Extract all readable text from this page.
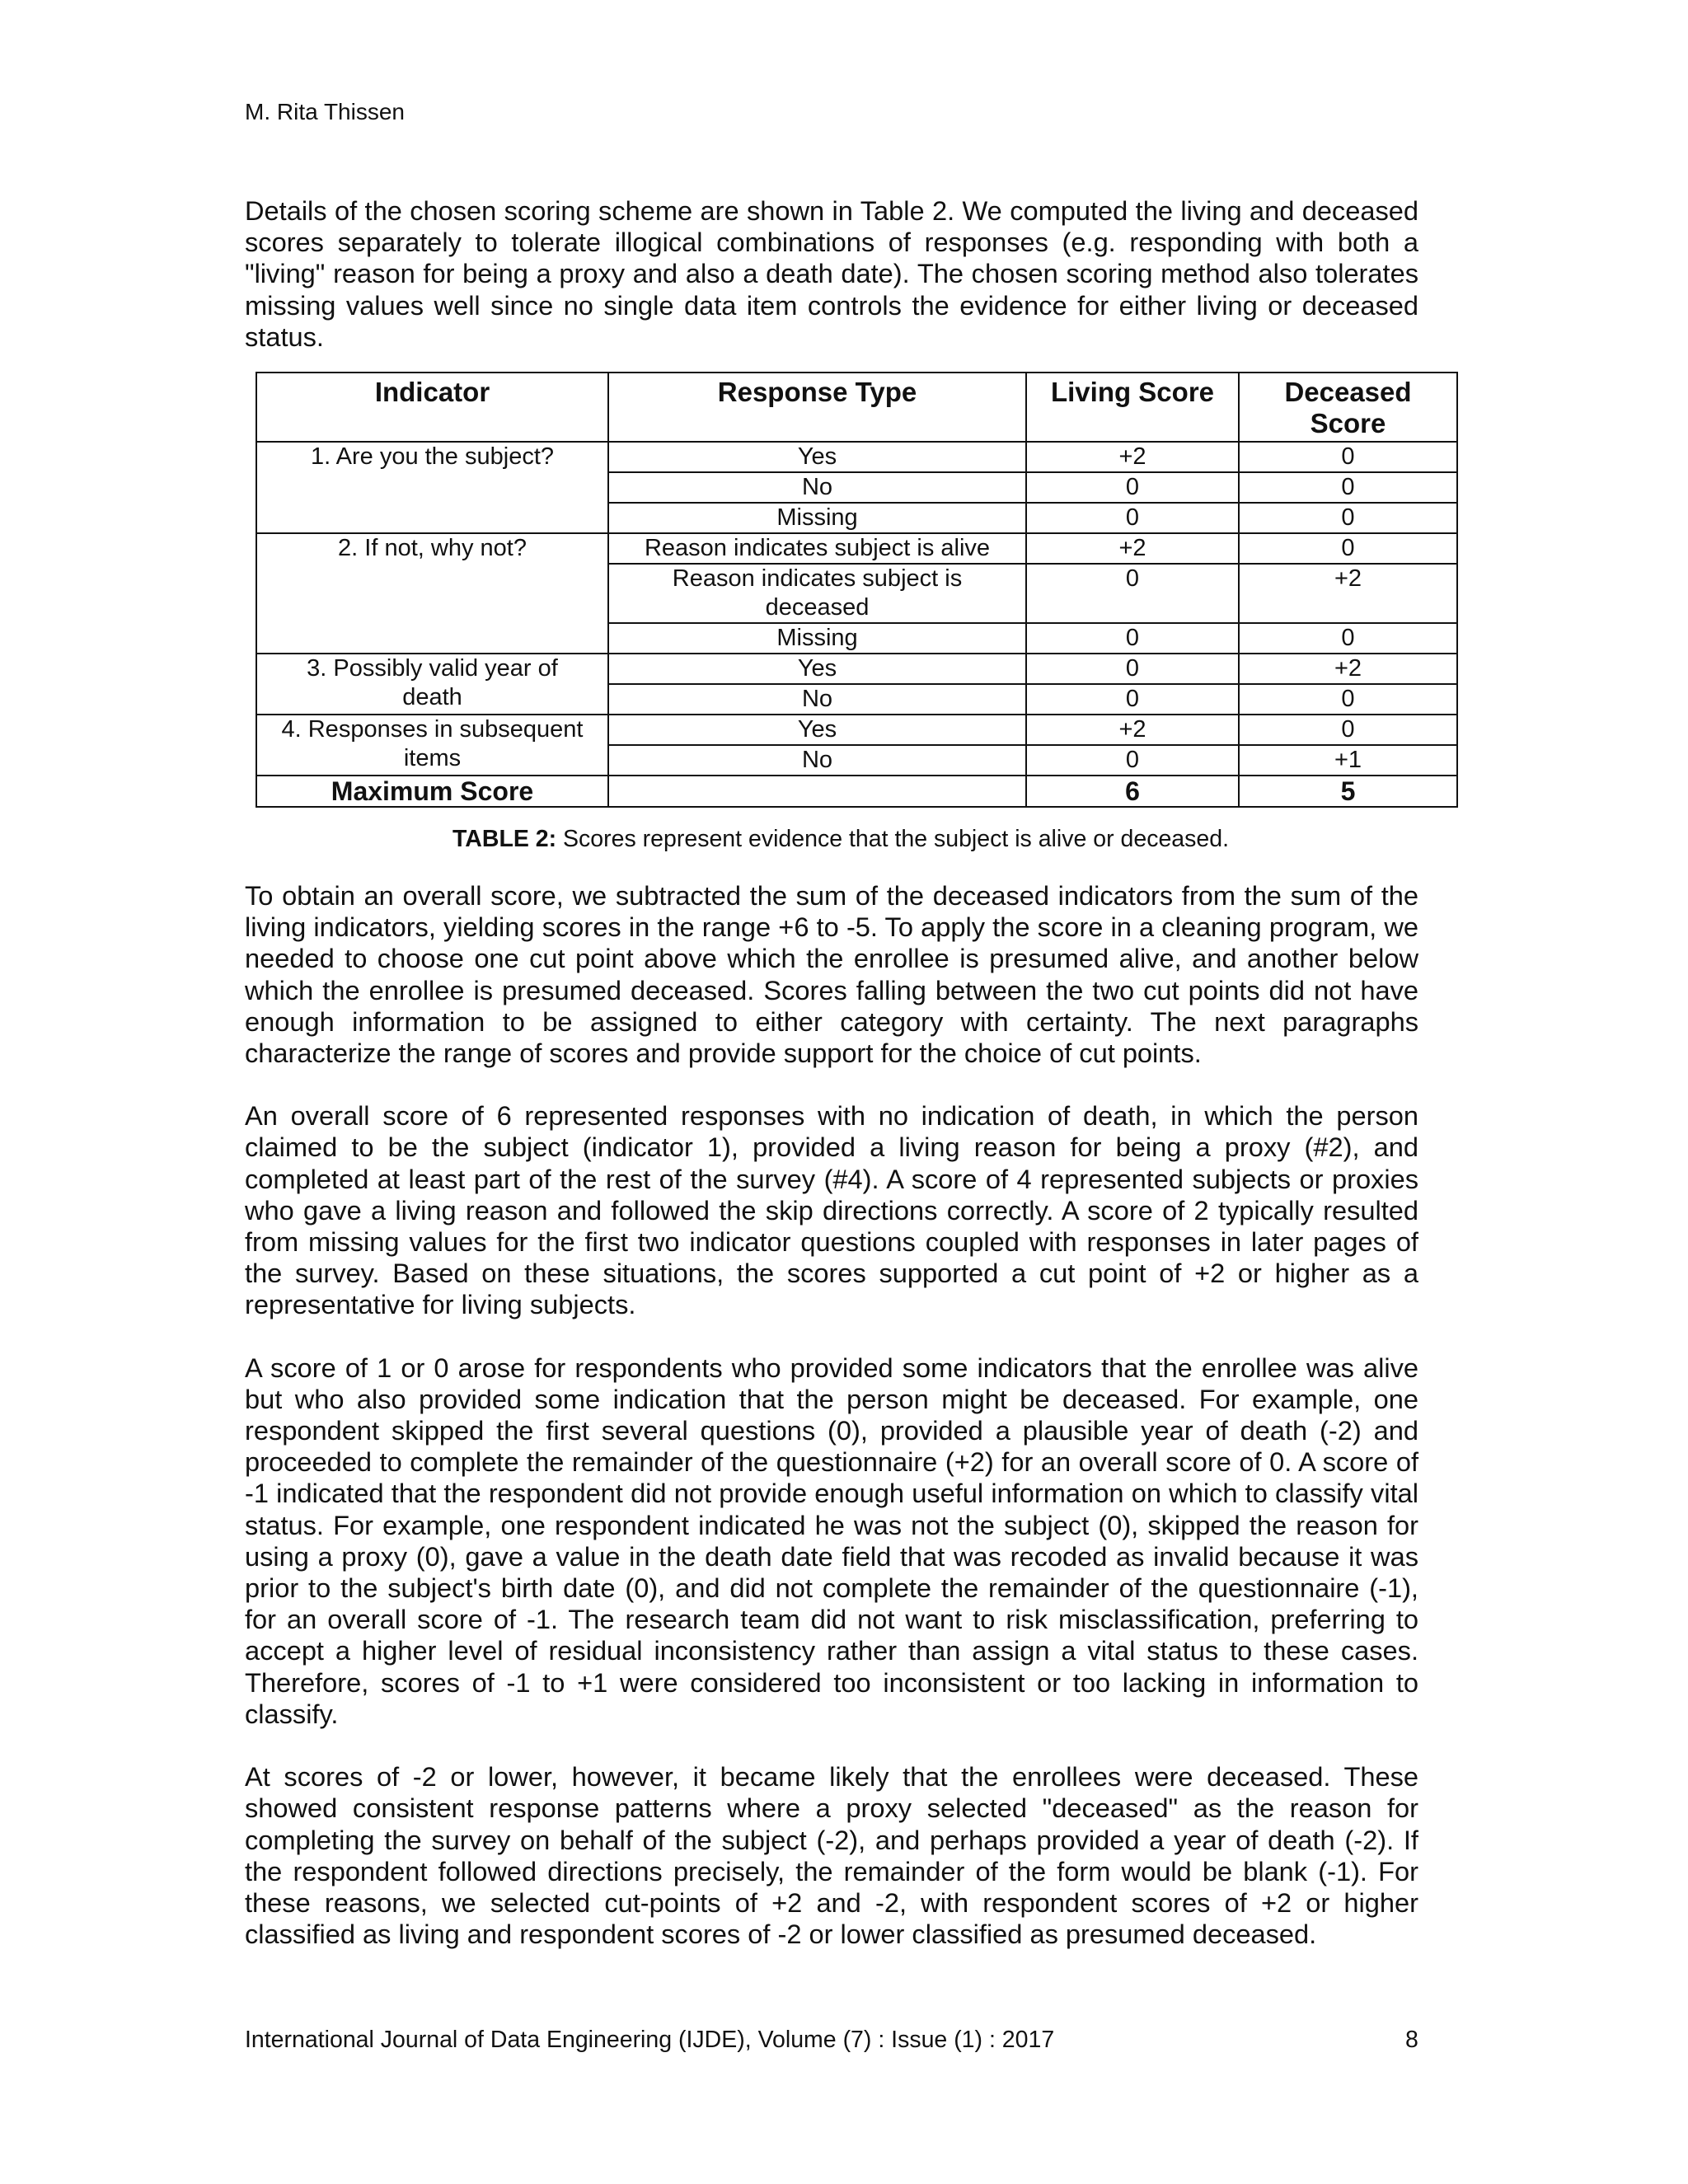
M. Rita Thissen

Details of the chosen scoring scheme are shown in Table 2. We computed the living and deceased scores separately to tolerate illogical combinations of responses (e.g. responding with both a "living" reason for being a proxy and also a death date). The chosen scoring method also tolerates missing values well since no single data item controls the evidence for either living or deceased status.

Indicator	Response Type	Living Score	Deceased Score
1. Are you the subject?	Yes	+2	0
	No	0	0
	Missing	0	0
2. If not, why not?	Reason indicates subject is alive	+2	0
	Reason indicates subject is deceased	0	+2
	Missing	0	0
3. Possibly valid year of death	Yes	0	+2
	No	0	0
4. Responses in subsequent items	Yes	+2	0
	No	0	+1
Maximum Score		6	5
TABLE 2: Scores represent evidence that the subject is alive or deceased.

To obtain an overall score, we subtracted the sum of the deceased indicators from the sum of the living indicators, yielding scores in the range +6 to -5. To apply the score in a cleaning program, we needed to choose one cut point above which the enrollee is presumed alive, and another below which the enrollee is presumed deceased. Scores falling between the two cut points did not have enough information to be assigned to either category with certainty. The next paragraphs characterize the range of scores and provide support for the choice of cut points.

An overall score of 6 represented responses with no indication of death, in which the person claimed to be the subject (indicator 1), provided a living reason for being a proxy (#2), and completed at least part of the rest of the survey (#4). A score of 4 represented subjects or proxies who gave a living reason and followed the skip directions correctly. A score of 2 typically resulted from missing values for the first two indicator questions coupled with responses in later pages of the survey. Based on these situations, the scores supported a cut point of +2 or higher as a representative for living subjects.

A score of 1 or 0 arose for respondents who provided some indicators that the enrollee was alive but who also provided some indication that the person might be deceased. For example, one respondent skipped the first several questions (0), provided a plausible year of death (-2) and proceeded to complete the remainder of the questionnaire (+2) for an overall score of 0. A score of -1 indicated that the respondent did not provide enough useful information on which to classify vital status. For example, one respondent indicated he was not the subject (0), skipped the reason for using a proxy (0), gave a value in the death date field that was recoded as invalid because it was prior to the subject's birth date (0), and did not complete the remainder of the questionnaire (-1), for an overall score of -1. The research team did not want to risk misclassification, preferring to accept a higher level of residual inconsistency rather than assign a vital status to these cases. Therefore, scores of -1 to +1 were considered too inconsistent or too lacking in information to classify.

At scores of -2 or lower, however, it became likely that the enrollees were deceased. These showed consistent response patterns where a proxy selected "deceased" as the reason for completing the survey on behalf of the subject (-2), and perhaps provided a year of death (-2). If the respondent followed directions precisely, the remainder of the form would be blank (-1). For these reasons, we selected cut-points of +2 and -2, with respondent scores of +2 or higher classified as living and respondent scores of -2 or lower classified as presumed deceased.

International Journal of Data Engineering (IJDE), Volume (7) : Issue (1) : 2017	8
